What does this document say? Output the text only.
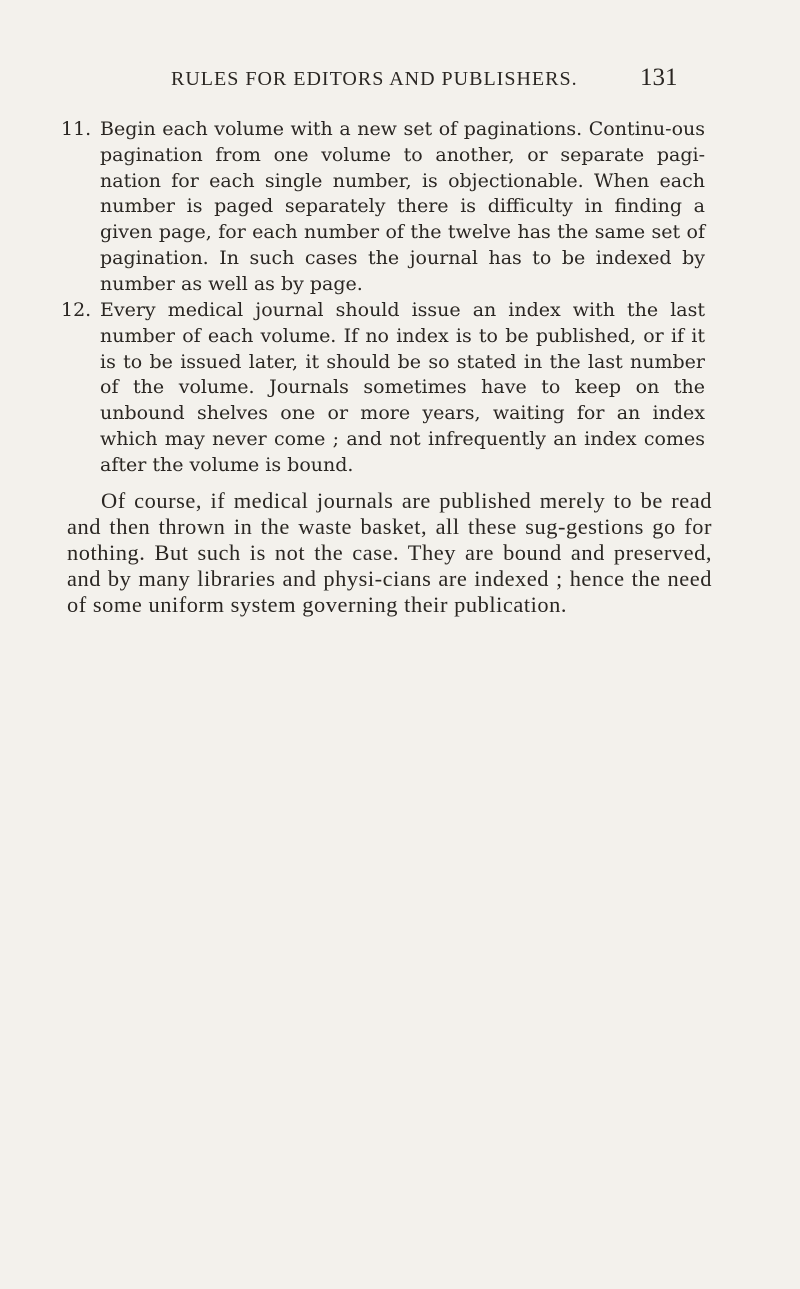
RULES FOR EDITORS AND PUBLISHERS.	131
11. Begin each volume with a new set of paginations. Continu-ous pagination from one volume to another, or separate pagi-nation for each single number, is objectionable. When each number is paged separately there is difficulty in finding a given page, for each number of the twelve has the same set of pagination. In such cases the journal has to be indexed by number as well as by page.
12. Every medical journal should issue an index with the last number of each volume. If no index is to be published, or if it is to be issued later, it should be so stated in the last number of the volume. Journals sometimes have to keep on the unbound shelves one or more years, waiting for an index which may never come ; and not infrequently an index comes after the volume is bound.
Of course, if medical journals are published merely to be read and then thrown in the waste basket, all these sug-gestions go for nothing. But such is not the case. They are bound and preserved, and by many libraries and physi-cians are indexed ; hence the need of some uniform system governing their publication.
